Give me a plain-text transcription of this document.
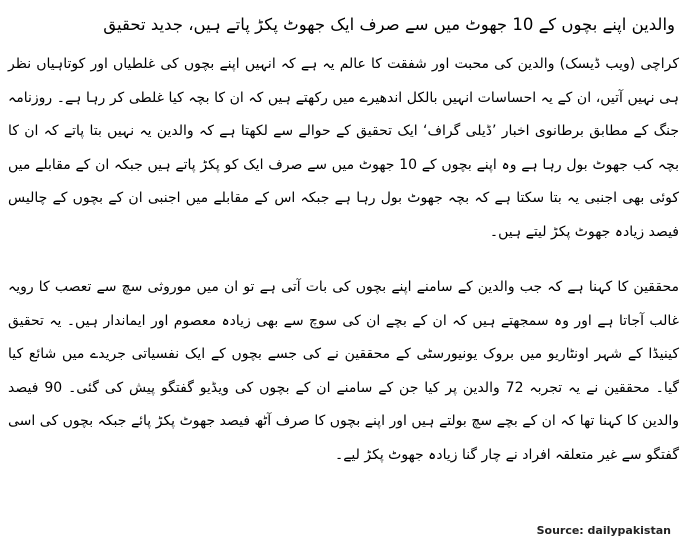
والدین اپنے بچوں کے 10 جھوٹ میں سے صرف ایک جھوٹ پکڑ پاتے ہیں، جدید تحقیق

کراچی (ویب ڈیسک) والدین کی محبت اور شفقت کا عالم یہ ہے کہ انہیں اپنے بچوں کی غلطیاں اور کوتاہیاں نظر ہی نہیں آتیں، ان کے یہ احساسات انہیں بالکل اندھیرے میں رکھتے ہیں کہ ان کا بچہ کیا غلطی کر رہا ہے۔ روزنامہ جنگ کے مطابق برطانوی اخبار ’ڈیلی گراف‘ ایک تحقیق کے حوالے سے لکھتا ہے کہ والدین یہ نہیں بتا پاتے کہ ان کا بچہ کب جھوٹ بول رہا ہے وہ اپنے بچوں کے 10 جھوٹ میں سے صرف ایک کو پکڑ پاتے ہیں جبکہ ان کے مقابلے میں کوئی بھی اجنبی یہ بتا سکتا ہے کہ بچہ جھوٹ بول رہا ہے جبکہ اس کے مقابلے میں اجنبی ان کے بچوں کے چالیس فیصد زیادہ جھوٹ پکڑ لیتے ہیں۔

محققین کا کہنا ہے کہ جب والدین کے سامنے اپنے بچوں کی بات آتی ہے تو ان میں موروثی سچ سے تعصب کا رویہ غالب آجاتا ہے اور وہ سمجھتے ہیں کہ ان کے بچے ان کی سوچ سے بھی زیادہ معصوم اور ایماندار ہیں۔ یہ تحقیق کینیڈا کے شہر اونٹاریو میں بروک یونیورسٹی کے محققین نے کی جسے بچوں کے ایک نفسیاتی جریدے میں شائع کیا گیا۔ محققین نے یہ تجربہ 72 والدین پر کیا جن کے سامنے ان کے بچوں کی ویڈیو گفتگو پیش کی گئی۔ 90 فیصد والدین کا کہنا تھا کہ ان کے بچے سچ بولتے ہیں اور اپنے بچوں کا صرف آٹھ فیصد جھوٹ پکڑ پائے جبکہ بچوں کی اسی گفتگو سے غیر متعلقہ افراد نے چار گنا زیادہ جھوٹ پکڑ لیے۔

Source: dailypakistan
